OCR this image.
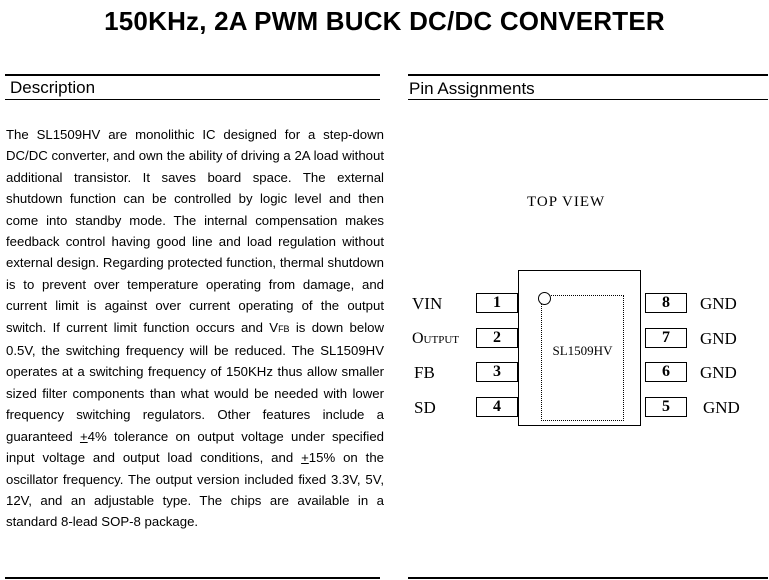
150KHz, 2A PWM BUCK DC/DC CONVERTER
Description	Pin Assignments

The SL1509HV are monolithic IC designed for a step-down DC/DC converter, and own the ability of driving a 2A load without additional transistor. It saves board space. The external shutdown function can be controlled by logic level and then come into standby mode. The internal compensation makes feedback control having good line and load regulation without external design. Regarding protected function, thermal shutdown is to prevent over temperature operating from damage, and current limit is against over current operating of the output switch. If current limit function occurs and VFB is down below 0.5V, the switching frequency will be reduced. The SL1509HV operates at a switching frequency of 150KHz thus allow smaller sized filter components than what would be needed with lower frequency switching regulators. Other features include a guaranteed +4% tolerance on output voltage under specified input voltage and output load conditions, and +15% on the oscillator frequency. The output version included fixed 3.3V, 5V, 12V, and an adjustable type. The chips are available in a standard 8-lead SOP-8 package.

TOP VIEW
SL1509HV
VIN
Output
FB
SD
1
2
3
4
8
7
6
5
GND
GND
GND
GND
